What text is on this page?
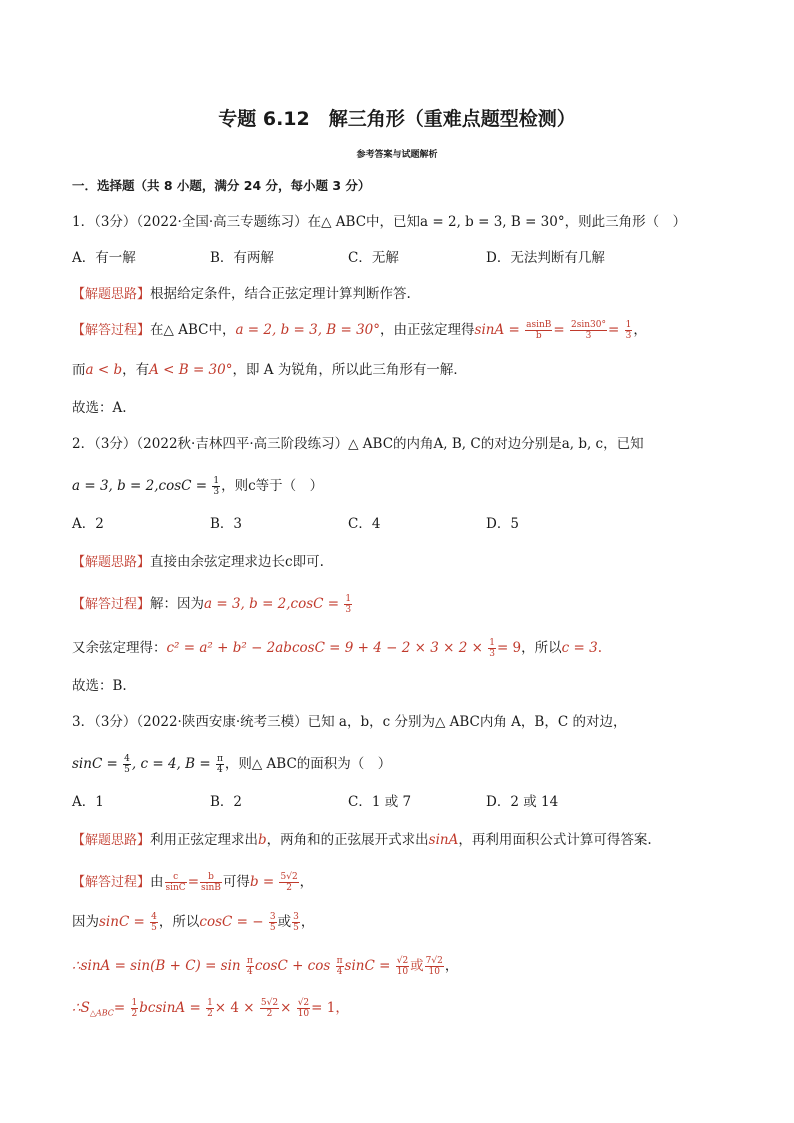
专题 6.12　解三角形（重难点题型检测）
参考答案与试题解析
一．选择题（共 8 小题，满分 24 分，每小题 3 分）
1．（3分）（2022·全国·高三专题练习）在△ ABC中，已知a = 2, b = 3, B = 30°，则此三角形（　）
A．有一解	B．有两解	C．无解	D．无法判断有几解
【解题思路】根据给定条件，结合正弦定理计算判断作答.
【解答过程】在△ ABC中，a = 2, b = 3, B = 30°，由正弦定理得$\sin A = \frac{asinB}{b} = \frac{2\sin 30^\circ}{3} = \frac{1}{3}$ ，
而a < b，有A < B = 30°，即 A 为锐角，所以此三角形有一解．
故选：A.
2．（3分）（2022秋·吉林四平·高三阶段练习）△ ABC的内角A, B, C的对边分别是a, b, c，已知
a = 3, $b = 2,\cos C = \frac{1}{3}$ ，则c等于（　）
A．2	B．3	C．4	D．5
【解题思路】直接由余弦定理求边长c即可.
【解答过程】解：因为a = 3, $b = 2,\cos C = \frac{1}{3}$
又余弦定理得：$c^2 = a^2 + b^2 - 2abcosC = 9 + 4 - 2 \times 3 \times 2 \times \frac{1}{3} = 9$，所以c = 3.
故选：B.
3．（3分）（2022·陕西安康·统考三模）已知 a，b，c 分别为△ ABC内角 A，B，C 的对边，
$\sin C = \frac{4}{5}$ , c = 4, $B = \frac{\pi}{4}$ ，则△ ABC的面积为（　）
A．1	B．2	C．1 或 7	D．2 或 14
【解题思路】利用正弦定理求出b，两角和的正弦展开式求出sinA，再利用面积公式计算可得答案.
【解答过程】由 $\frac{c}{\sin C} = \frac{b}{\sin B}$ 可得$b = \frac{5√2}{2}$ ，
因为$\sin C = \frac{4}{5}$ ，所以cosC = − $\frac{3}{5}$ 或 $\frac{3}{5}$ ，
∴sinA = $\sin(B + C) = \sin \frac{\pi}{4}$ $\cos C + \cos \frac{\pi}{4}$ $\sin C = \frac{√2}{10}$ 或 $\frac{7√2}{10}$ ，
$\therefore S_{\triangle ABC}= \frac{1}{2}$ $bcsinA = \frac{1}{2} \times 4 \times \frac{5√2}{2} \times \frac{√2}{10} = 1$，
